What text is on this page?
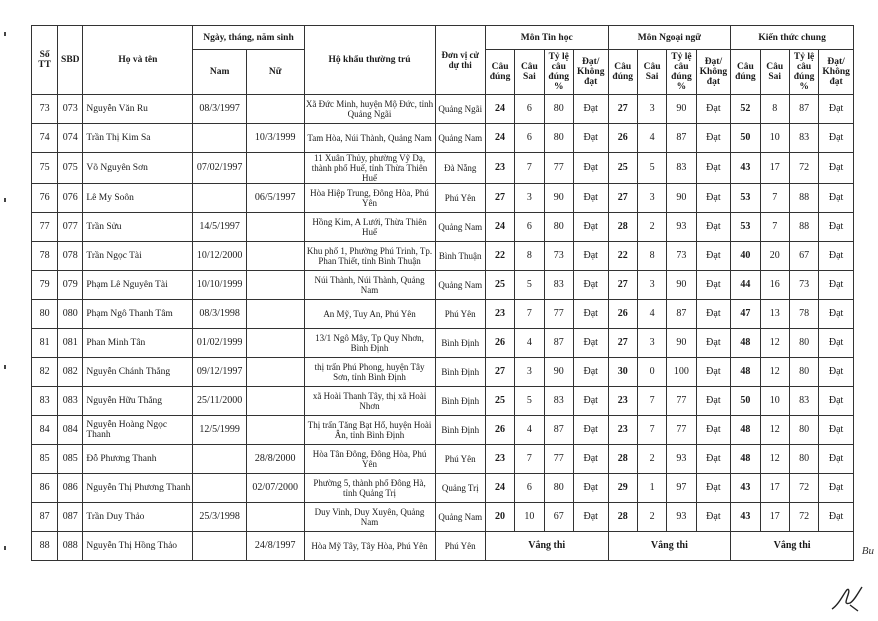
Số TT	SBD	Họ và tên	Ngày, tháng, năm sinh		Hộ khẩu thường trú	Đơn vị cử dự thi	Môn Tin học				Môn Ngoại ngữ				Kiến thức chung			
			Nam	Nữ			Câu đúng	Câu Sai	Tỷ lệ câu đúng %	Đạt/ Không đạt	Câu đúng	Câu Sai	Tỷ lệ câu đúng %	Đạt/ Không đạt	Câu đúng	Câu Sai	Tỷ lệ câu đúng %	Đạt/ Không đạt
73	073	Nguyễn Văn Ru	08/3/1997		Xã Đức Minh, huyện Mộ Đức, tỉnh Quảng Ngãi	Quảng Ngãi	24	6	80	Đạt	27	3	90	Đạt	52	8	87	Đạt
74	074	Trần Thị Kim Sa		10/3/1999	Tam Hòa, Núi Thành, Quảng Nam	Quảng Nam	24	6	80	Đạt	26	4	87	Đạt	50	10	83	Đạt
75	075	Võ Nguyên Sơn	07/02/1997		11 Xuân Thủy, phường Vỹ Dạ, thành phố Huế, tỉnh Thừa Thiên Huế	Đà Nẵng	23	7	77	Đạt	25	5	83	Đạt	43	17	72	Đạt
76	076	Lê My Soôn		06/5/1997	Hòa Hiệp Trung, Đông Hòa, Phú Yên	Phú Yên	27	3	90	Đạt	27	3	90	Đạt	53	7	88	Đạt
77	077	Trần Sửu	14/5/1997		Hồng Kim, A Lưới, Thừa Thiên Huế	Quảng Nam	24	6	80	Đạt	28	2	93	Đạt	53	7	88	Đạt
78	078	Trần Ngọc Tài	10/12/2000		Khu phố 1, Phường Phú Trinh, Tp. Phan Thiết, tỉnh Bình Thuận	Bình Thuận	22	8	73	Đạt	22	8	73	Đạt	40	20	67	Đạt
79	079	Phạm Lê Nguyên Tài	10/10/1999		Núi Thành, Núi Thành, Quảng Nam	Quảng Nam	25	5	83	Đạt	27	3	90	Đạt	44	16	73	Đạt
80	080	Phạm Ngô Thanh Tâm	08/3/1998		An Mỹ, Tuy An, Phú Yên	Phú Yên	23	7	77	Đạt	26	4	87	Đạt	47	13	78	Đạt
81	081	Phan Minh Tân	01/02/1999		13/1 Ngô Mây, Tp Quy Nhơn, Bình Định	Bình Định	26	4	87	Đạt	27	3	90	Đạt	48	12	80	Đạt
82	082	Nguyễn Chánh Thắng	09/12/1997		thị trấn Phú Phong, huyện Tây Sơn, tỉnh Bình Định	Bình Định	27	3	90	Đạt	30	0	100	Đạt	48	12	80	Đạt
83	083	Nguyễn Hữu Thắng	25/11/2000		xã Hoài Thanh Tây, thị xã Hoài Nhơn	Bình Định	25	5	83	Đạt	23	7	77	Đạt	50	10	83	Đạt
84	084	Nguyễn Hoàng Ngọc Thanh	12/5/1999		Thị trấn Tăng Bạt Hổ, huyện Hoài Ân, tỉnh Bình Định	Bình Định	26	4	87	Đạt	23	7	77	Đạt	48	12	80	Đạt
85	085	Đỗ Phương Thanh		28/8/2000	Hòa Tân Đông, Đông Hòa, Phú Yên	Phú Yên	23	7	77	Đạt	28	2	93	Đạt	48	12	80	Đạt
86	086	Nguyễn Thị Phương Thanh		02/07/2000	Phường 5, thành phố Đông Hà, tỉnh Quảng Trị	Quảng Trị	24	6	80	Đạt	29	1	97	Đạt	43	17	72	Đạt
87	087	Trần Duy Thảo	25/3/1998		Duy Vinh, Duy Xuyên, Quảng Nam	Quảng Nam	20	10	67	Đạt	28	2	93	Đạt	43	17	72	Đạt
88	088	Nguyễn Thị Hồng Thảo		24/8/1997	Hòa Mỹ Tây, Tây Hòa, Phú Yên	Phú Yên	Vắng thi				Vắng thi				Vắng thi				Bu
